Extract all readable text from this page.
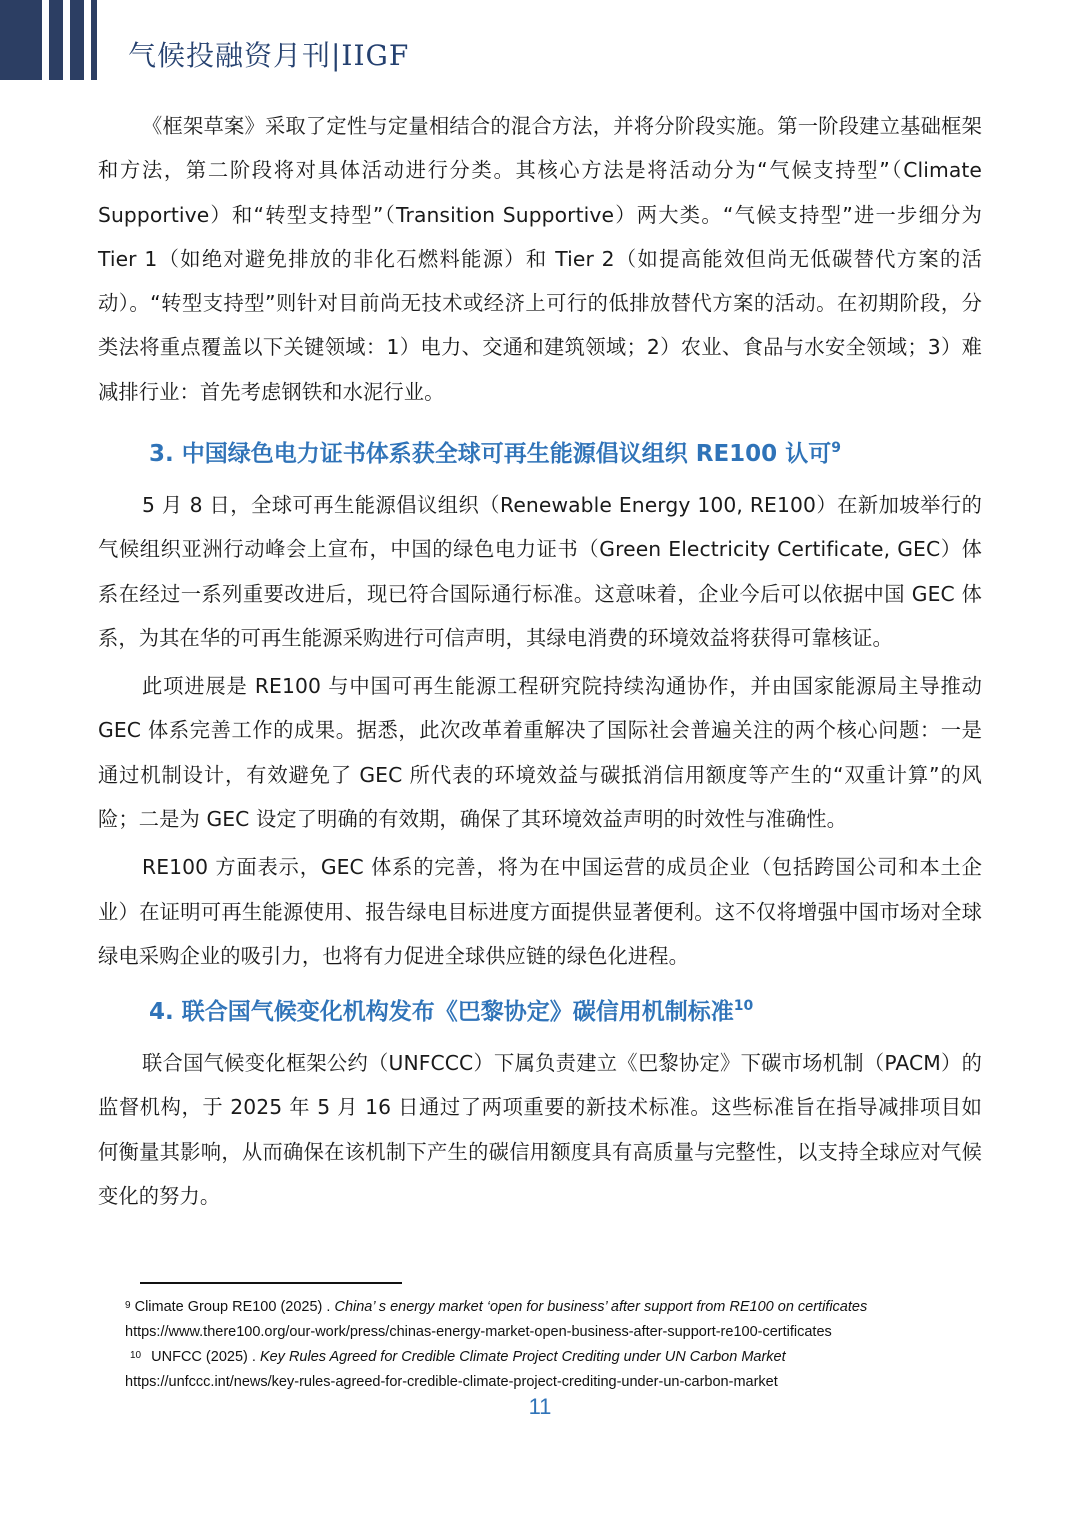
气候投融资月刊|IIGF

《框架草案》采取了定性与定量相结合的混合方法，并将分阶段实施。第一阶段建立基础框架和方法，第二阶段将对具体活动进行分类。其核心方法是将活动分为“气候支持型”（Climate Supportive）和“转型支持型”（Transition Supportive）两大类。“气候支持型”进一步细分为 Tier 1（如绝对避免排放的非化石燃料能源）和 Tier 2（如提高能效但尚无低碳替代方案的活动）。“转型支持型”则针对目前尚无技术或经济上可行的低排放替代方案的活动。在初期阶段，分类法将重点覆盖以下关键领域：1）电力、交通和建筑领域；2）农业、食品与水安全领域；3）难减排行业：首先考虑钢铁和水泥行业。

3. 中国绿色电力证书体系获全球可再生能源倡议组织 RE100 认可$^9$

5 月 8 日，全球可再生能源倡议组织（Renewable Energy 100, RE100）在新加坡举行的气候组织亚洲行动峰会上宣布，中国的绿色电力证书（Green Electricity Certificate, GEC）体系在经过一系列重要改进后，现已符合国际通行标准。这意味着，企业今后可以依据中国 GEC 体系，为其在华的可再生能源采购进行可信声明，其绿电消费的环境效益将获得可靠核证。

此项进展是 RE100 与中国可再生能源工程研究院持续沟通协作，并由国家能源局主导推动 GEC 体系完善工作的成果。据悉，此次改革着重解决了国际社会普遍关注的两个核心问题：一是通过机制设计，有效避免了 GEC 所代表的环境效益与碳抵消信用额度等产生的“双重计算”的风险；二是为 GEC 设定了明确的有效期，确保了其环境效益声明的时效性与准确性。

RE100 方面表示，GEC 体系的完善，将为在中国运营的成员企业（包括跨国公司和本土企业）在证明可再生能源使用、报告绿电目标进度方面提供显著便利。这不仅将增强中国市场对全球绿电采购企业的吸引力，也将有力促进全球供应链的绿色化进程。

4. 联合国气候变化机构发布《巴黎协定》碳信用机制标准$^{10}$

联合国气候变化框架公约（UNFCCC）下属负责建立《巴黎协定》下碳市场机制（PACM）的监督机构，于 2025 年 5 月 16 日通过了两项重要的新技术标准。这些标准旨在指导减排项目如何衡量其影响，从而确保在该机制下产生的碳信用额度具有高质量与完整性，以支持全球应对气候变化的努力。

$^9$ Climate Group RE100 (2025) . China’ s energy market ‘open for business’ after support from RE100 on certificates
https://www.there100.org/our-work/press/chinas-energy-market-open-business-after-support-re100-certificates
$^{10}$ UNFCC (2025) . Key Rules Agreed for Credible Climate Project Crediting under UN Carbon Market
https://unfccc.int/news/key-rules-agreed-for-credible-climate-project-crediting-under-un-carbon-market
11
